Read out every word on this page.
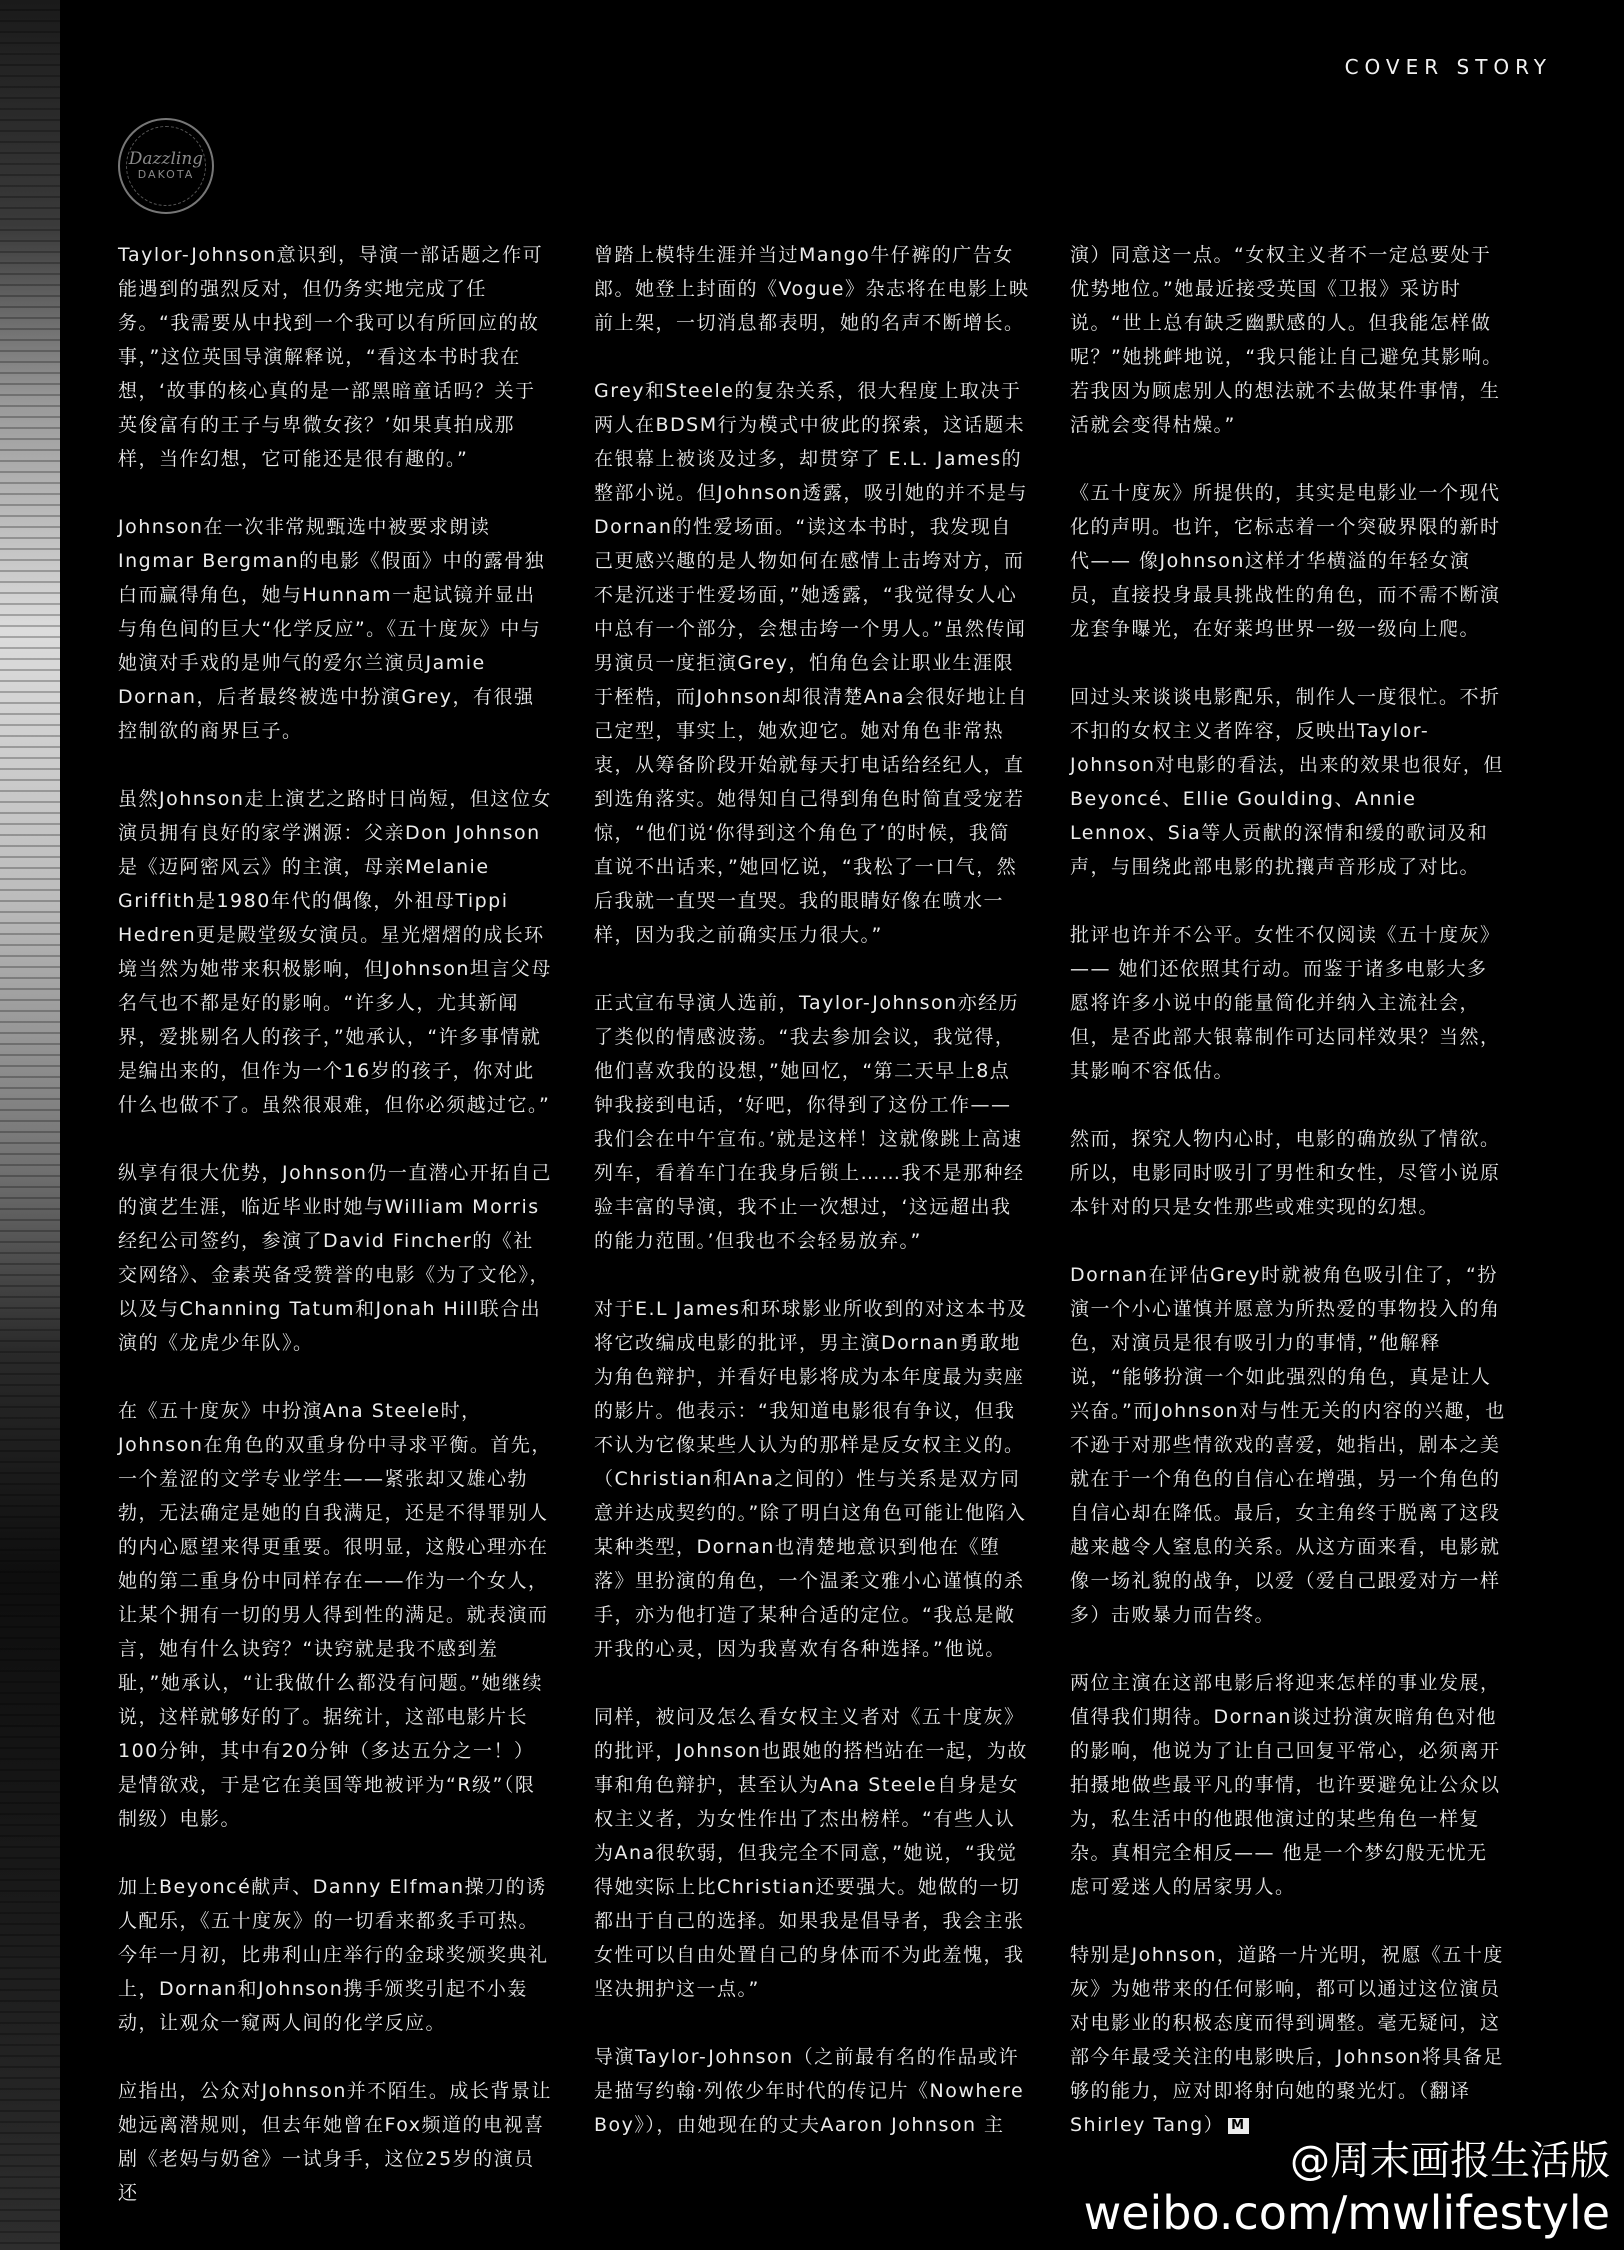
COVER STORY
Dazzling
DAKOTA

Taylor-Johnson意识到，导演一部话题之作可能遇到的强烈反对，但仍务实地完成了任务。“我需要从中找到一个我可以有所回应的故事，”这位英国导演解释说，“看这本书时我在想，‘故事的核心真的是一部黑暗童话吗？关于英俊富有的王子与卑微女孩？’如果真拍成那样，当作幻想，它可能还是很有趣的。”

Johnson在一次非常规甄选中被要求朗读Ingmar Bergman的电影《假面》中的露骨独白而赢得角色，她与Hunnam一起试镜并显出与角色间的巨大“化学反应”。《五十度灰》中与她演对手戏的是帅气的爱尔兰演员Jamie Dornan，后者最终被选中扮演Grey，有很强控制欲的商界巨子。

虽然Johnson走上演艺之路时日尚短，但这位女演员拥有良好的家学渊源：父亲Don Johnson是《迈阿密风云》的主演，母亲Melanie Griffith是1980年代的偶像，外祖母Tippi Hedren更是殿堂级女演员。星光熠熠的成长环境当然为她带来积极影响，但Johnson坦言父母名气也不都是好的影响。“许多人，尤其新闻界，爱挑剔名人的孩子，”她承认，“许多事情就是编出来的，但作为一个16岁的孩子，你对此什么也做不了。虽然很艰难，但你必须越过它。”

纵享有很大优势，Johnson仍一直潜心开拓自己的演艺生涯，临近毕业时她与William Morris经纪公司签约，参演了David Fincher的《社交网络》、金素英备受赞誉的电影《为了文伦》，以及与Channing Tatum和Jonah Hill联合出演的《龙虎少年队》。

在《五十度灰》中扮演Ana Steele时，Johnson在角色的双重身份中寻求平衡。首先，一个羞涩的文学专业学生——紧张却又雄心勃勃，无法确定是她的自我满足，还是不得罪别人的内心愿望来得更重要。很明显，这般心理亦在她的第二重身份中同样存在——作为一个女人，让某个拥有一切的男人得到性的满足。就表演而言，她有什么诀窍？“诀窍就是我不感到羞耻，”她承认，“让我做什么都没有问题。”她继续说，这样就够好的了。据统计，这部电影片长100分钟，其中有20分钟（多达五分之一！）是情欲戏，于是它在美国等地被评为“R级”（限制级）电影。

加上Beyoncé献声、Danny Elfman操刀的诱人配乐，《五十度灰》的一切看来都炙手可热。今年一月初，比弗利山庄举行的金球奖颁奖典礼上，Dornan和Johnson携手颁奖引起不小轰动，让观众一窥两人间的化学反应。

应指出，公众对Johnson并不陌生。成长背景让她远离潜规则，但去年她曾在Fox频道的电视喜剧《老妈与奶爸》一试身手，这位25岁的演员还

曾踏上模特生涯并当过Mango牛仔裤的广告女郎。她登上封面的《Vogue》杂志将在电影上映前上架，一切消息都表明，她的名声不断增长。

Grey和Steele的复杂关系，很大程度上取决于两人在BDSM行为模式中彼此的探索，这话题未在银幕上被谈及过多，却贯穿了 E.L. James的整部小说。但Johnson透露，吸引她的并不是与Dornan的性爱场面。“读这本书时，我发现自己更感兴趣的是人物如何在感情上击垮对方，而不是沉迷于性爱场面，”她透露，“我觉得女人心中总有一个部分，会想击垮一个男人。”虽然传闻男演员一度拒演Grey，怕角色会让职业生涯限于桎梏，而Johnson却很清楚Ana会很好地让自己定型，事实上，她欢迎它。她对角色非常热衷，从筹备阶段开始就每天打电话给经纪人，直到选角落实。她得知自己得到角色时简直受宠若惊，“他们说‘你得到这个角色了’的时候，我简直说不出话来，”她回忆说，“我松了一口气，然后我就一直哭一直哭。我的眼睛好像在喷水一样，因为我之前确实压力很大。”

正式宣布导演人选前，Taylor-Johnson亦经历了类似的情感波荡。“我去参加会议，我觉得，他们喜欢我的设想，”她回忆，“第二天早上8点钟我接到电话，‘好吧，你得到了这份工作——我们会在中午宣布。’就是这样！这就像跳上高速列车，看着车门在我身后锁上……我不是那种经验丰富的导演，我不止一次想过，‘这远超出我的能力范围。’但我也不会轻易放弃。”

对于E.L James和环球影业所收到的对这本书及将它改编成电影的批评，男主演Dornan勇敢地为角色辩护，并看好电影将成为本年度最为卖座的影片。他表示：“我知道电影很有争议，但我不认为它像某些人认为的那样是反女权主义的。（Christian和Ana之间的）性与关系是双方同意并达成契约的。”除了明白这角色可能让他陷入某种类型，Dornan也清楚地意识到他在《堕落》里扮演的角色，一个温柔文雅小心谨慎的杀手，亦为他打造了某种合适的定位。“我总是敞开我的心灵，因为我喜欢有各种选择。”他说。

同样，被问及怎么看女权主义者对《五十度灰》的批评，Johnson也跟她的搭档站在一起，为故事和角色辩护，甚至认为Ana Steele自身是女权主义者，为女性作出了杰出榜样。“有些人认为Ana很软弱，但我完全不同意，”她说，“我觉得她实际上比Christian还要强大。她做的一切都出于自己的选择。如果我是倡导者，我会主张女性可以自由处置自己的身体而不为此羞愧，我坚决拥护这一点。”

导演Taylor-Johnson（之前最有名的作品或许是描写约翰·列侬少年时代的传记片《Nowhere Boy》），由她现在的丈夫Aaron Johnson 主

演）同意这一点。“女权主义者不一定总要处于优势地位。”她最近接受英国《卫报》采访时说。“世上总有缺乏幽默感的人。但我能怎样做呢？”她挑衅地说，“我只能让自己避免其影响。若我因为顾虑别人的想法就不去做某件事情，生活就会变得枯燥。”

《五十度灰》所提供的，其实是电影业一个现代化的声明。也许，它标志着一个突破界限的新时代—— 像Johnson这样才华横溢的年轻女演员，直接投身最具挑战性的角色，而不需不断演龙套争曝光，在好莱坞世界一级一级向上爬。

回过头来谈谈电影配乐，制作人一度很忙。不折不扣的女权主义者阵容，反映出Taylor-Johnson对电影的看法，出来的效果也很好，但Beyoncé、Ellie Goulding、Annie Lennox、Sia等人贡献的深情和缓的歌词及和声，与围绕此部电影的扰攘声音形成了对比。

批评也许并不公平。女性不仅阅读《五十度灰》—— 她们还依照其行动。而鉴于诸多电影大多愿将许多小说中的能量简化并纳入主流社会，但，是否此部大银幕制作可达同样效果？当然，其影响不容低估。

然而，探究人物内心时，电影的确放纵了情欲。所以，电影同时吸引了男性和女性，尽管小说原本针对的只是女性那些或难实现的幻想。

Dornan在评估Grey时就被角色吸引住了，“扮演一个小心谨慎并愿意为所热爱的事物投入的角色，对演员是很有吸引力的事情，”他解释说，“能够扮演一个如此强烈的角色，真是让人兴奋。”而Johnson对与性无关的内容的兴趣，也不逊于对那些情欲戏的喜爱，她指出，剧本之美就在于一个角色的自信心在增强，另一个角色的自信心却在降低。最后，女主角终于脱离了这段越来越令人窒息的关系。从这方面来看，电影就像一场礼貌的战争，以爱（爱自己跟爱对方一样多）击败暴力而告终。

两位主演在这部电影后将迎来怎样的事业发展，值得我们期待。Dornan谈过扮演灰暗角色对他的影响，他说为了让自己回复平常心，必须离开拍摄地做些最平凡的事情，也许要避免让公众以为，私生活中的他跟他演过的某些角色一样复杂。真相完全相反—— 他是一个梦幻般无忧无虑可爱迷人的居家男人。

特别是Johnson，道路一片光明，祝愿《五十度灰》为她带来的任何影响，都可以通过这位演员对电影业的积极态度而得到调整。毫无疑问，这部今年最受关注的电影映后，Johnson将具备足够的能力，应对即将射向她的聚光灯。（翻译 Shirley Tang） M

@周末画报生活版
weibo.com/mwlifestyle
